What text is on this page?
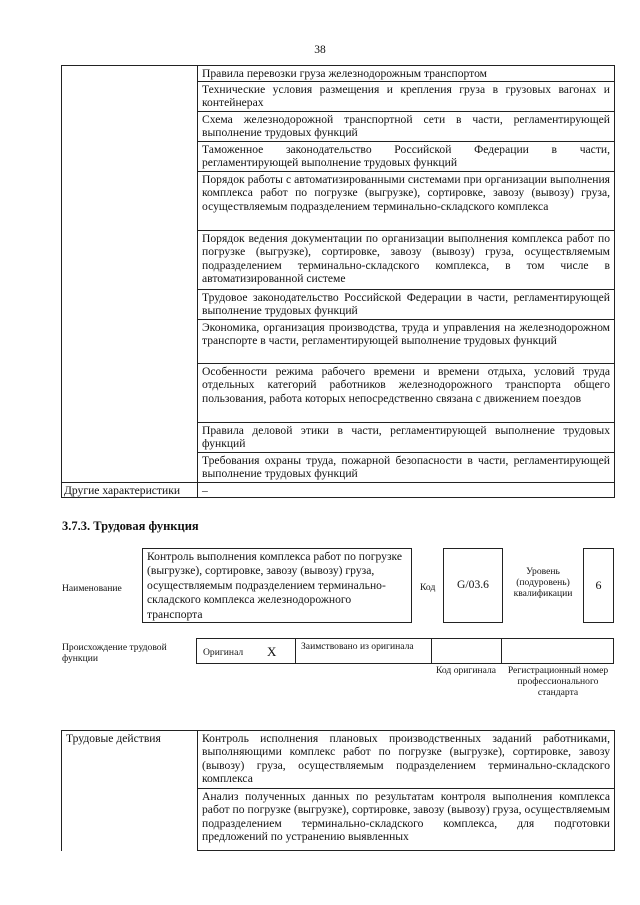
38
	Правила перевозки груза железнодорожным транспортом
	Технические условия размещения и крепления груза в грузовых вагонах и контейнерах
	Схема железнодорожной транспортной сети в части, регламентирующей выполнение трудовых функций
	Таможенное законодательство Российской Федерации в части, регламентирующей выполнение трудовых функций
	Порядок работы с автоматизированными системами при организации выполнения комплекса работ по погрузке (выгрузке), сортировке, завозу (вывозу) груза, осуществляемым подразделением терминально-складского комплекса
	Порядок ведения документации по организации выполнения комплекса работ по погрузке (выгрузке), сортировке, завозу (вывозу) груза, осуществляемым подразделением терминально-складского комплекса, в том числе в автоматизированной системе
	Трудовое законодательство Российской Федерации в части, регламентирующей выполнение трудовых функций
	Экономика, организация производства, труда и управления на железнодорожном транспорте в части, регламентирующей выполнение трудовых функций
	Особенности режима рабочего времени и времени отдыха, условий труда отдельных категорий работников железнодорожного транспорта общего пользования, работа которых непосредственно связана с движением поездов
	Правила деловой этики в части, регламентирующей выполнение трудовых функций
	Требования охраны труда, пожарной безопасности в части, регламентирующей выполнение трудовых функций
Другие характеристики	–
3.7.3. Трудовая функция
Наименование
Контроль выполнения комплекса работ по погрузке (выгрузке), сортировке, завозу (вывозу) груза, осуществляемым подразделением терминально-складского комплекса железнодорожного транспорта
Код	G/03.6
Уровень (подуровень) квалификации
6
Происхождение трудовой функции
Оригинал X	Заимствовано из оригинала
Код оригинала	Регистрационный номер профессионального стандарта
Трудовые действия	Контроль исполнения плановых производственных заданий работниками, выполняющими комплекс работ по погрузке (выгрузке), сортировке, завозу (вывозу) груза, осуществляемым подразделением терминально-складского комплекса
Анализ полученных данных по результатам контроля выполнения комплекса работ по погрузке (выгрузке), сортировке, завозу (вывозу) груза, осуществляемым подразделением терминально-складского комплекса, для подготовки предложений по устранению выявленных
